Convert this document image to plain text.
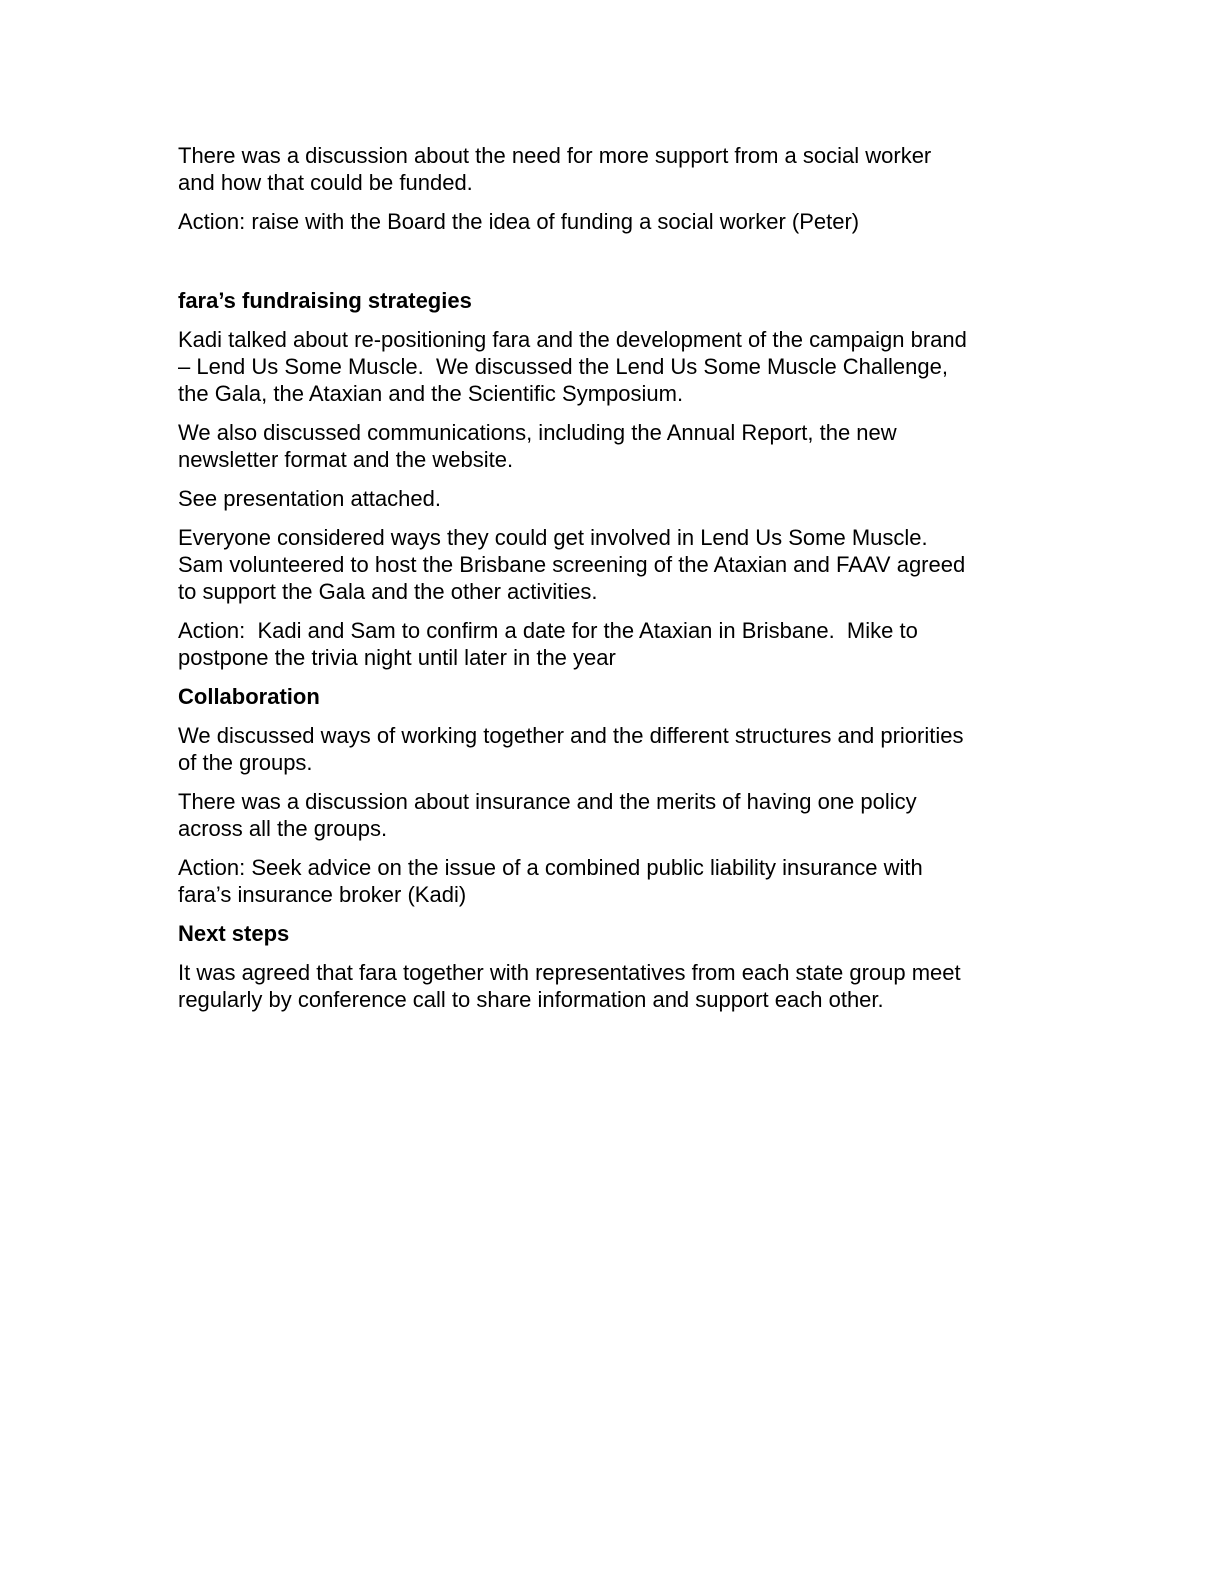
There was a discussion about the need for more support from a social worker
and how that could be funded.

Action: raise with the Board the idea of funding a social worker (Peter)

fara’s fundraising strategies

Kadi talked about re-positioning fara and the development of the campaign brand
– Lend Us Some Muscle.  We discussed the Lend Us Some Muscle Challenge,
the Gala, the Ataxian and the Scientific Symposium.

We also discussed communications, including the Annual Report, the new
newsletter format and the website.

See presentation attached.

Everyone considered ways they could get involved in Lend Us Some Muscle.
Sam volunteered to host the Brisbane screening of the Ataxian and FAAV agreed
to support the Gala and the other activities.

Action:  Kadi and Sam to confirm a date for the Ataxian in Brisbane.  Mike to
postpone the trivia night until later in the year

Collaboration

We discussed ways of working together and the different structures and priorities
of the groups.

There was a discussion about insurance and the merits of having one policy
across all the groups.

Action: Seek advice on the issue of a combined public liability insurance with
fara’s insurance broker (Kadi)

Next steps

It was agreed that fara together with representatives from each state group meet
regularly by conference call to share information and support each other.
